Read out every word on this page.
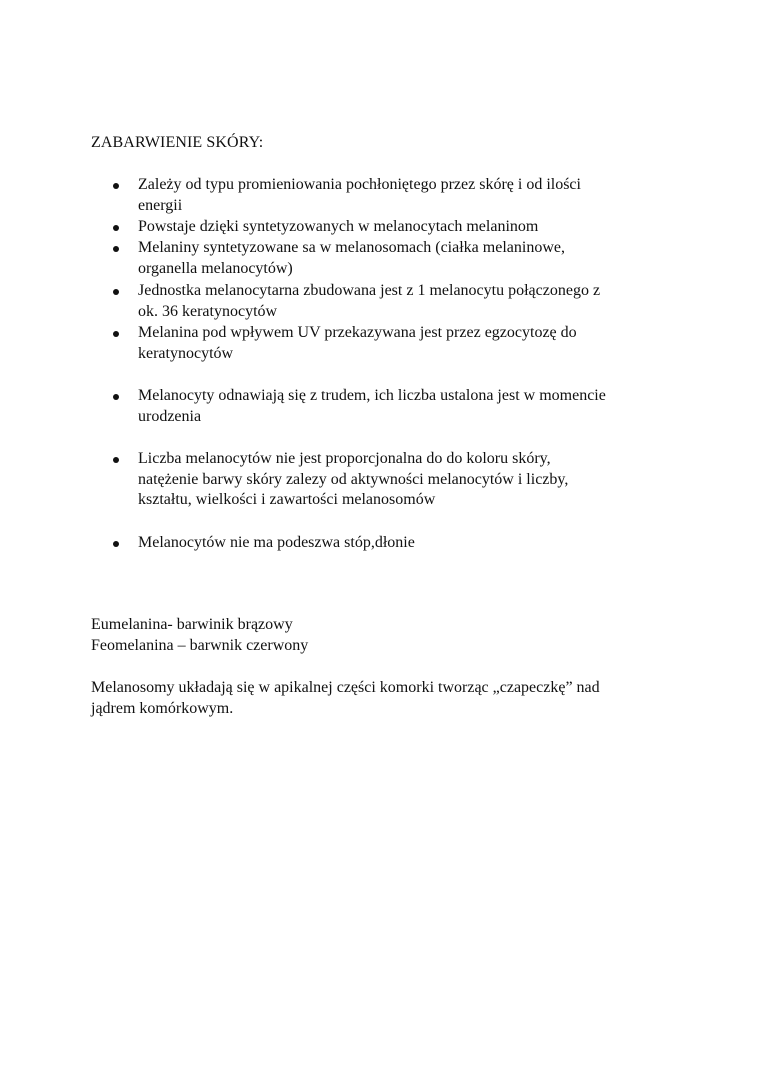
ZABARWIENIE SKÓRY:
Zależy od typu promieniowania pochłoniętego przez skórę i od ilości
energii
Powstaje dzięki syntetyzowanych w melanocytach melaninom
Melaniny syntetyzowane sa w melanosomach (ciałka melaninowe,
organella melanocytów)
Jednostka melanocytarna zbudowana jest z 1 melanocytu połączonego z
ok. 36 keratynocytów
Melanina pod wpływem UV przekazywana jest przez egzocytozę do
keratynocytów
Melanocyty odnawiają się z trudem, ich liczba ustalona jest w momencie
urodzenia
Liczba melanocytów nie jest proporcjonalna do do koloru skóry,
natężenie barwy skóry zalezy od aktywności melanocytów i liczby,
kształtu, wielkości i zawartości melanosomów
Melanocytów nie ma podeszwa stóp,dłonie
Eumelanina- barwinik brązowy
Feomelanina – barwnik czerwony
Melanosomy układają się w apikalnej części komorki tworząc „czapeczkę” nad
jądrem komórkowym.
